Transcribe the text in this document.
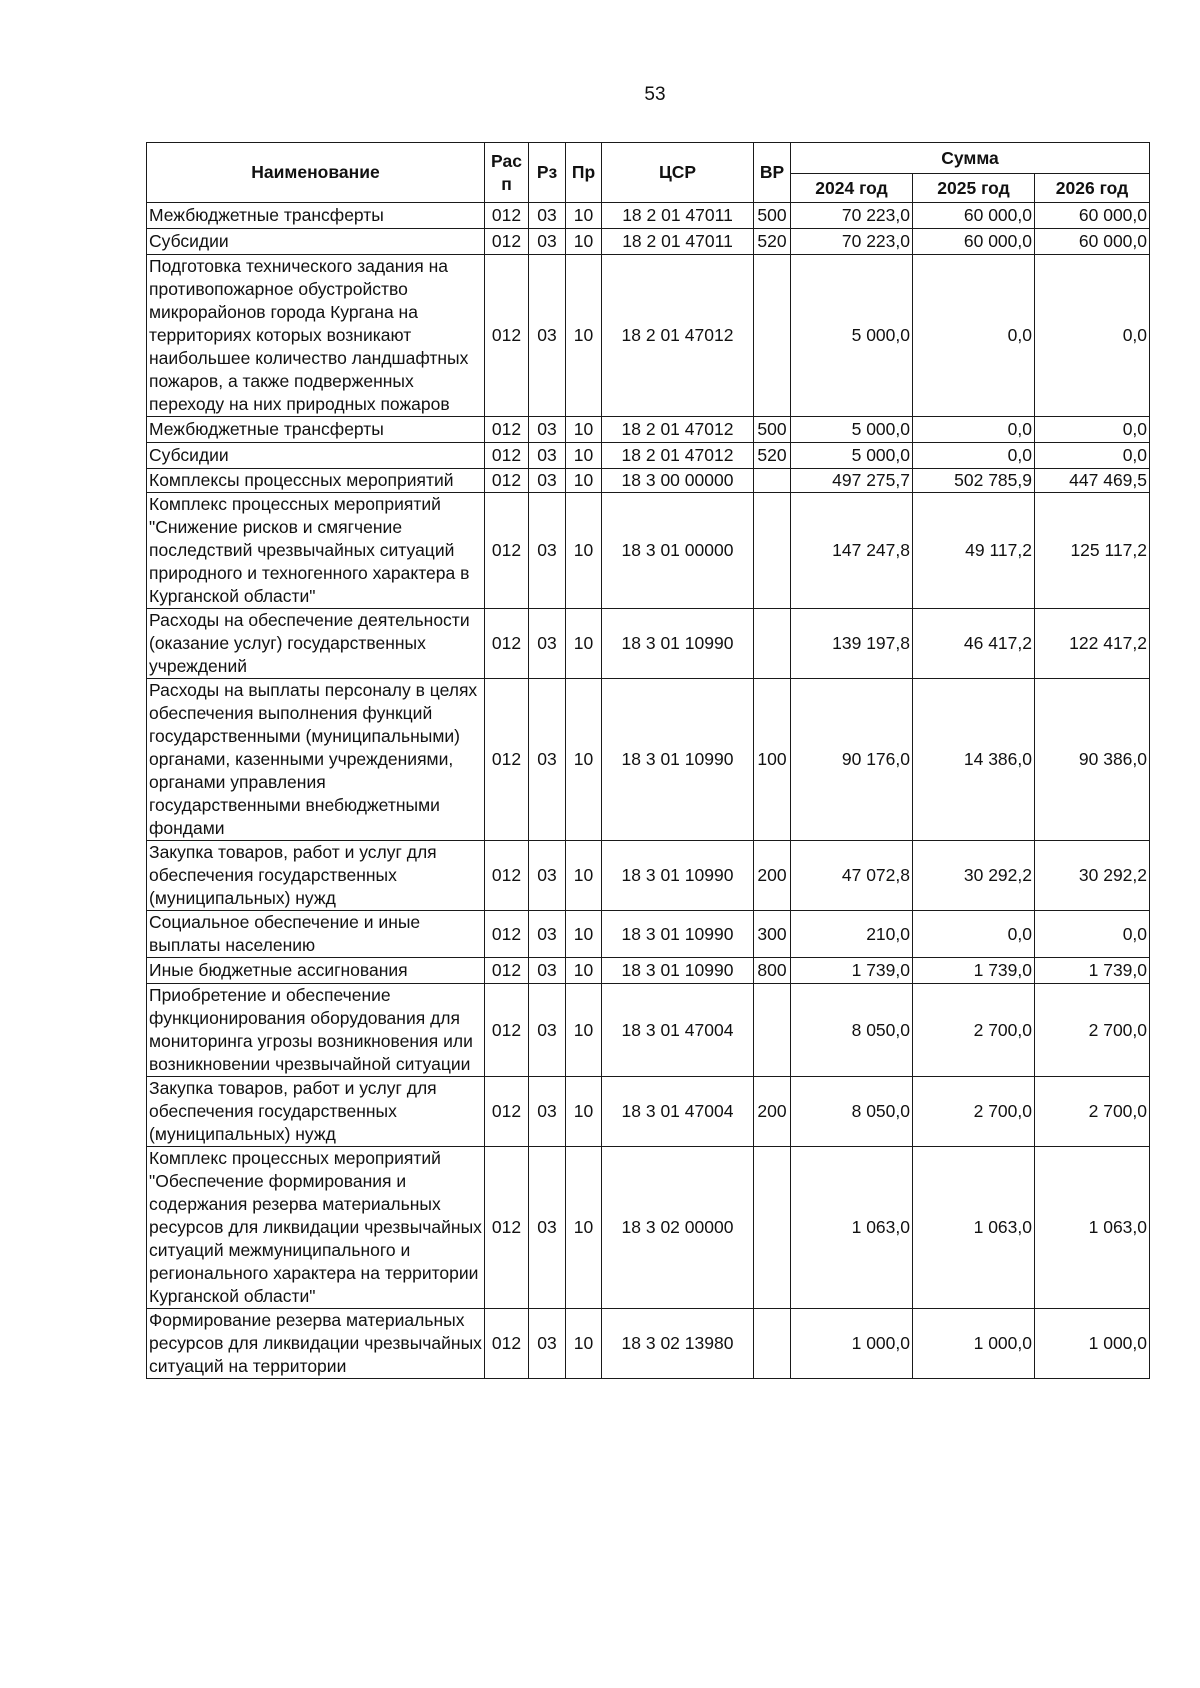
53
Наименование	Рас п	Рз	Пр	ЦСР	ВР	Сумма		
						2024 год	2025 год	2026 год
Межбюджетные трансферты	012	03	10	18 2 01 47011	500	70 223,0	60 000,0	60 000,0
Субсидии	012	03	10	18 2 01 47011	520	70 223,0	60 000,0	60 000,0
Подготовка технического задания на противопожарное обустройство микрорайонов города Кургана на территориях которых возникают наибольшее количество ландшафтных пожаров, а также подверженных переходу на них природных пожаров	012	03	10	18 2 01 47012		5 000,0	0,0	0,0
Межбюджетные трансферты	012	03	10	18 2 01 47012	500	5 000,0	0,0	0,0
Субсидии	012	03	10	18 2 01 47012	520	5 000,0	0,0	0,0
Комплексы процессных мероприятий	012	03	10	18 3 00 00000		497 275,7	502 785,9	447 469,5
Комплекс процессных мероприятий "Снижение рисков и смягчение последствий чрезвычайных ситуаций природного и техногенного характера в Курганской области"	012	03	10	18 3 01 00000		147 247,8	49 117,2	125 117,2
Расходы на обеспечение деятельности (оказание услуг) государственных учреждений	012	03	10	18 3 01 10990		139 197,8	46 417,2	122 417,2
Расходы на выплаты персоналу в целях обеспечения выполнения функций государственными (муниципальными) органами, казенными учреждениями, органами управления государственными внебюджетными фондами	012	03	10	18 3 01 10990	100	90 176,0	14 386,0	90 386,0
Закупка товаров, работ и услуг для обеспечения государственных (муниципальных) нужд	012	03	10	18 3 01 10990	200	47 072,8	30 292,2	30 292,2
Социальное обеспечение и иные выплаты населению	012	03	10	18 3 01 10990	300	210,0	0,0	0,0
Иные бюджетные ассигнования	012	03	10	18 3 01 10990	800	1 739,0	1 739,0	1 739,0
Приобретение и обеспечение функционирования оборудования для мониторинга угрозы возникновения или возникновении чрезвычайной ситуации	012	03	10	18 3 01 47004		8 050,0	2 700,0	2 700,0
Закупка товаров, работ и услуг для обеспечения государственных (муниципальных) нужд	012	03	10	18 3 01 47004	200	8 050,0	2 700,0	2 700,0
Комплекс процессных мероприятий "Обеспечение формирования и содержания резерва материальных ресурсов для ликвидации чрезвычайных ситуаций межмуниципального и регионального характера на территории Курганской области"	012	03	10	18 3 02 00000		1 063,0	1 063,0	1 063,0
Формирование резерва материальных ресурсов для ликвидации чрезвычайных ситуаций на территории	012	03	10	18 3 02 13980		1 000,0	1 000,0	1 000,0
